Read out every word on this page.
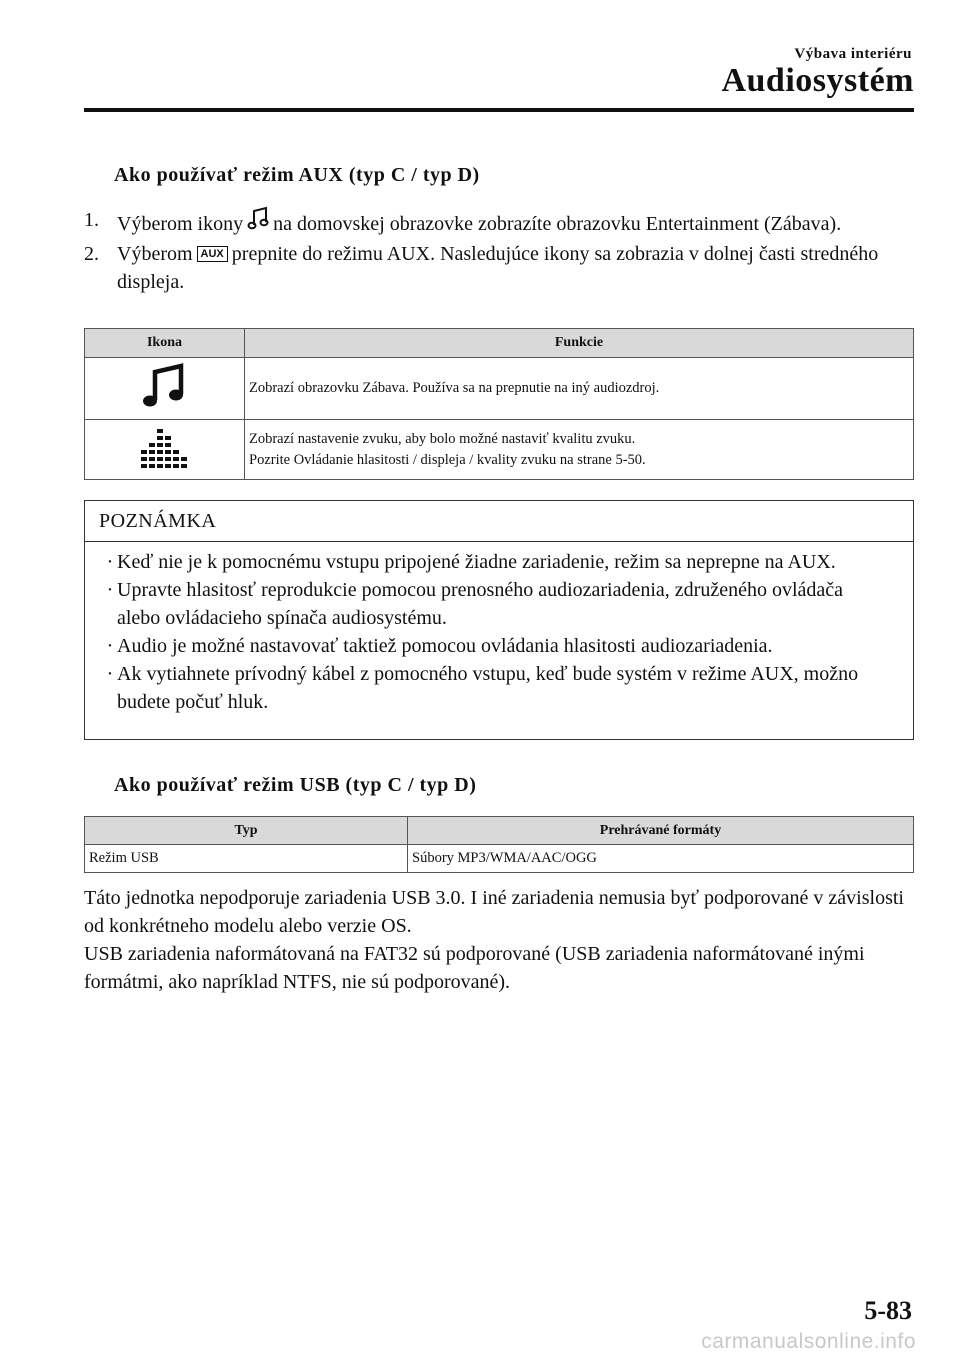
Výbava interiéru
Audiosystém
Ako používať režim AUX (typ C / typ D)
1. Výberom ikony na domovskej obrazovke zobrazíte obrazovku Entertainment (Zábava).
2. Výberom AUX prepnite do režimu AUX. Nasledujúce ikony sa zobrazia v dolnej časti stredného displeja.
Ikona	Funkcie

Zobrazí obrazovku Zábava. Používa sa na prepnutie na iný audiozdroj.

Zobrazí nastavenie zvuku, aby bolo možné nastaviť kvalitu zvuku.
Pozrite Ovládanie hlasitosti / displeja / kvality zvuku na strane 5-50.
POZNÁMKA
· Keď nie je k pomocnému vstupu pripojené žiadne zariadenie, režim sa neprepne na AUX.
· Upravte hlasitosť reprodukcie pomocou prenosného audiozariadenia, združeného ovládača alebo ovládacieho spínača audiosystému.
· Audio je možné nastavovať taktiež pomocou ovládania hlasitosti audiozariadenia.
· Ak vytiahnete prívodný kábel z pomocného vstupu, keď bude systém v režime AUX, možno budete počuť hluk.
Ako používať režim USB (typ C / typ D)
Typ	Prehrávané formáty
Režim USB	Súbory MP3/WMA/AAC/OGG
Táto jednotka nepodporuje zariadenia USB 3.0. I iné zariadenia nemusia byť podporované v závislosti od konkrétneho modelu alebo verzie OS.
USB zariadenia naformátovaná na FAT32 sú podporované (USB zariadenia naformátované inými formátmi, ako napríklad NTFS, nie sú podporované).
5-83
carmanualsonline.info
